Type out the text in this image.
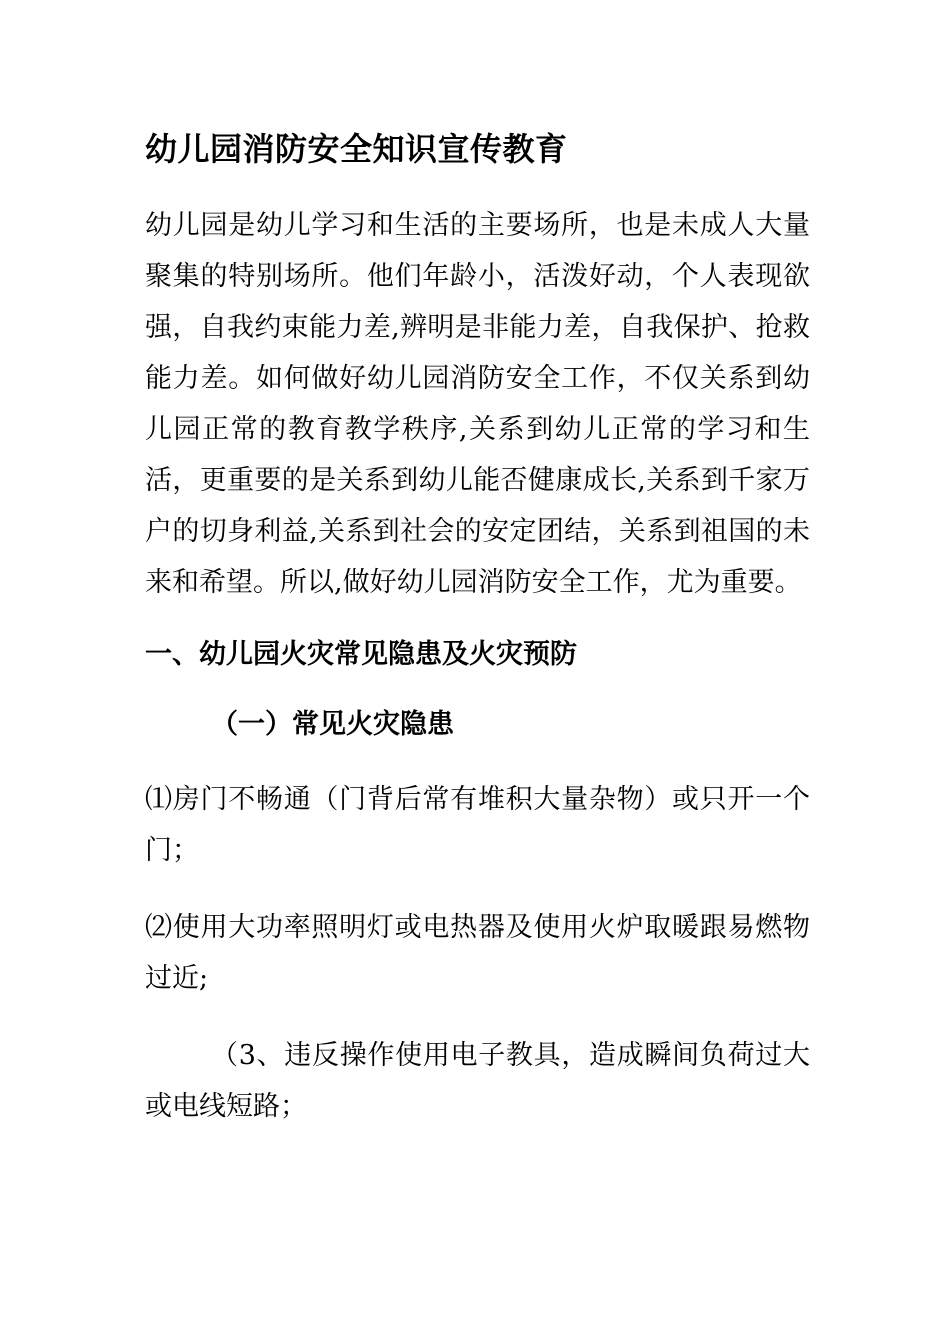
幼儿园消防安全知识宣传教育

幼儿园是幼儿学习和生活的主要场所，也是未成人大量聚集的特别场所。他们年龄小，活泼好动，个人表现欲强，自我约束能力差,辨明是非能力差，自我保护、抢救能力差。如何做好幼儿园消防安全工作，不仅关系到幼儿园正常的教育教学秩序,关系到幼儿正常的学习和生活，更重要的是关系到幼儿能否健康成长,关系到千家万户的切身利益,关系到社会的安定团结，关系到祖国的未来和希望。所以,做好幼儿园消防安全工作，尤为重要。

一、幼儿园火灾常见隐患及火灾预防
（一）常见火灾隐患

⑴房门不畅通（门背后常有堆积大量杂物）或只开一个门；

⑵使用大功率照明灯或电热器及使用火炉取暖跟易燃物过近;

（3、违反操作使用电子教具，造成瞬间负荷过大或电线短路；
